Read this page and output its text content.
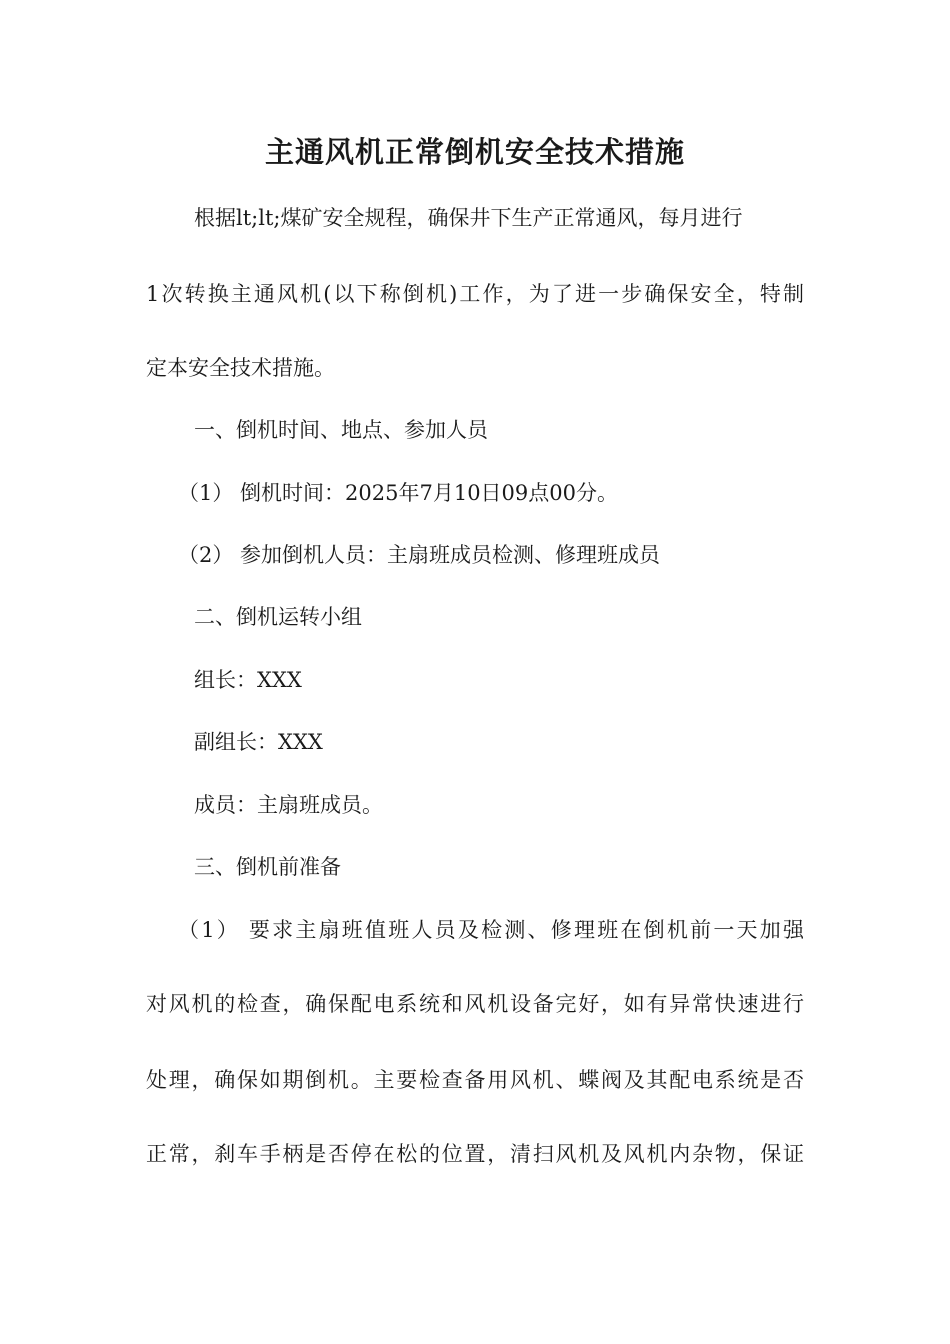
主通风机正常倒机安全技术措施
根据lt;lt;煤矿安全规程，确保井下生产正常通风，每月进行
1次转换主通风机(以下称倒机)工作，为了进一步确保安全，特制
定本安全技术措施。
一、倒机时间、地点、参加人员
（1） 倒机时间：2025年7月10日09点00分。
（2） 参加倒机人员：主扇班成员检测、修理班成员
二、倒机运转小组
组长：XXX
副组长：XXX
成员：主扇班成员。
三、倒机前准备
（1） 要求主扇班值班人员及检测、修理班在倒机前一天加强
对风机的检查，确保配电系统和风机设备完好，如有异常快速进行
处理，确保如期倒机。主要检查备用风机、蝶阀及其配电系统是否
正常，刹车手柄是否停在松的位置，清扫风机及风机内杂物，保证
